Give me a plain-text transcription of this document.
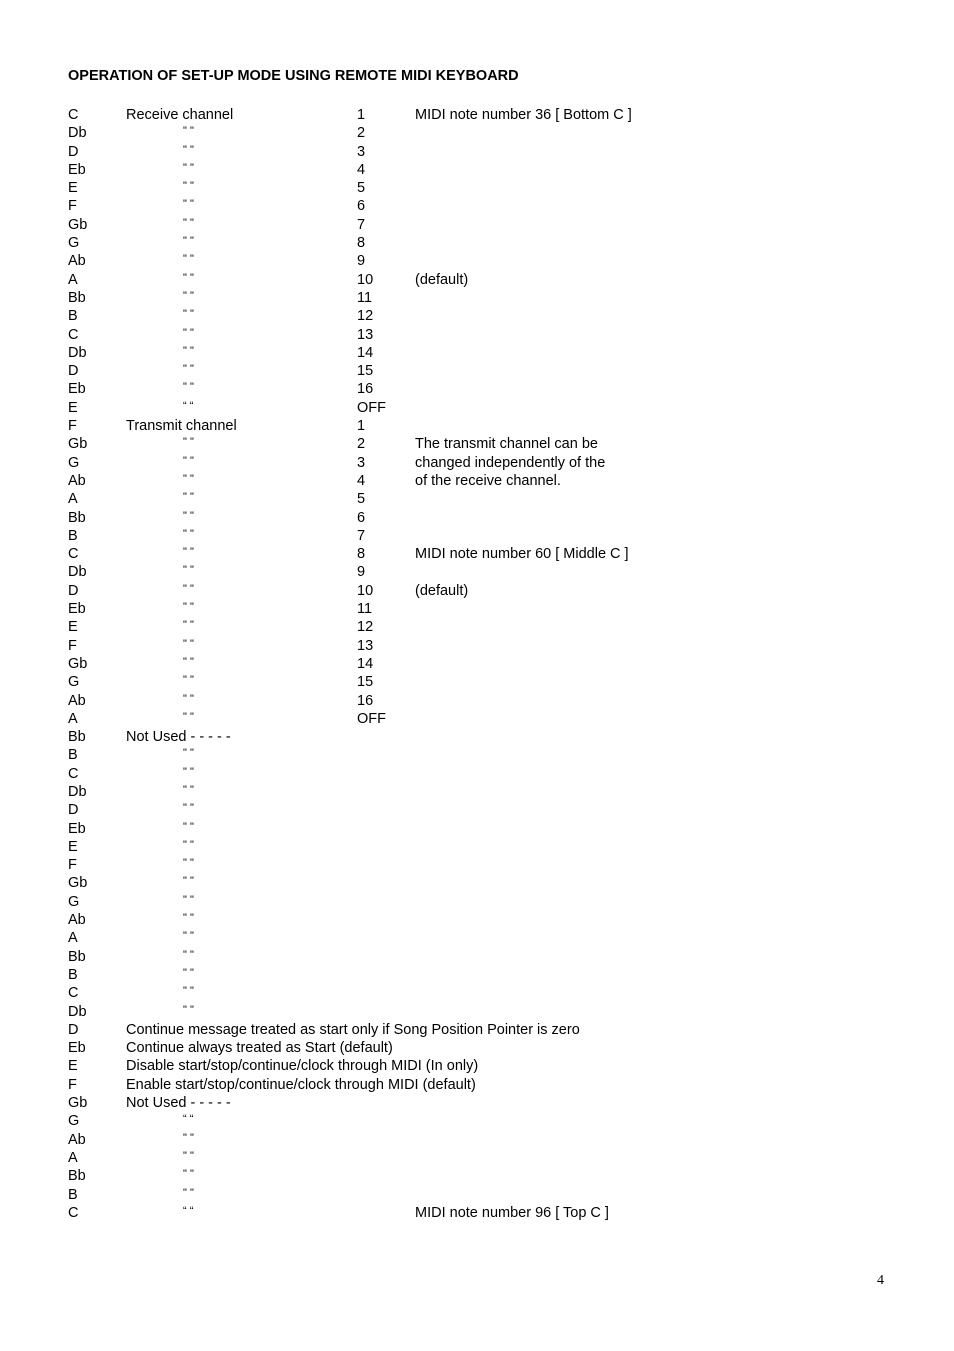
OPERATION OF SET-UP MODE USING REMOTE MIDI KEYBOARD
C	Receive channel	1	MIDI note number 36 [ Bottom C ]
Db	" "	2
D	" "	3
Eb	" "	4
E	" "	5
F	" "	6
Gb	" "	7
G	" "	8
Ab	" "	9
A	" "	10	(default)
Bb	" "	11
B	" "	12
C	" "	13
Db	" "	14
D	" "	15
Eb	" "	16
E	“ “	OFF
F	Transmit channel	1
Gb	" "	2	The transmit channel can be
G	" "	3	changed independently of the
Ab	" "	4	of the receive channel.
A	" "	5
Bb	" "	6
B	" "	7
C	" "	8	MIDI note number 60 [ Middle C ]
Db	" "	9
D	" "	10	(default)
Eb	" "	11
E	" "	12
F	" "	13
Gb	" "	14
G	" "	15
Ab	" "	16
A	" "	OFF
Bb	Not Used - - - - -
B	" "
C	" "
Db	" "
D	" "
Eb	" "
E	" "
F	" "
Gb	" "
G	" "
Ab	" "
A	" "
Bb	" "
B	" "
C	" "
Db	" "
D	Continue message treated as start only if Song Position Pointer is zero
Eb	Continue always treated as Start (default)
E	Disable start/stop/continue/clock through MIDI (In only)
F	Enable start/stop/continue/clock through MIDI (default)
Gb	Not Used - - - - -
G	“ “
Ab	" "
A	" "
Bb	" "
B	" "
C	“ “	MIDI note number 96 [ Top C ]
4
